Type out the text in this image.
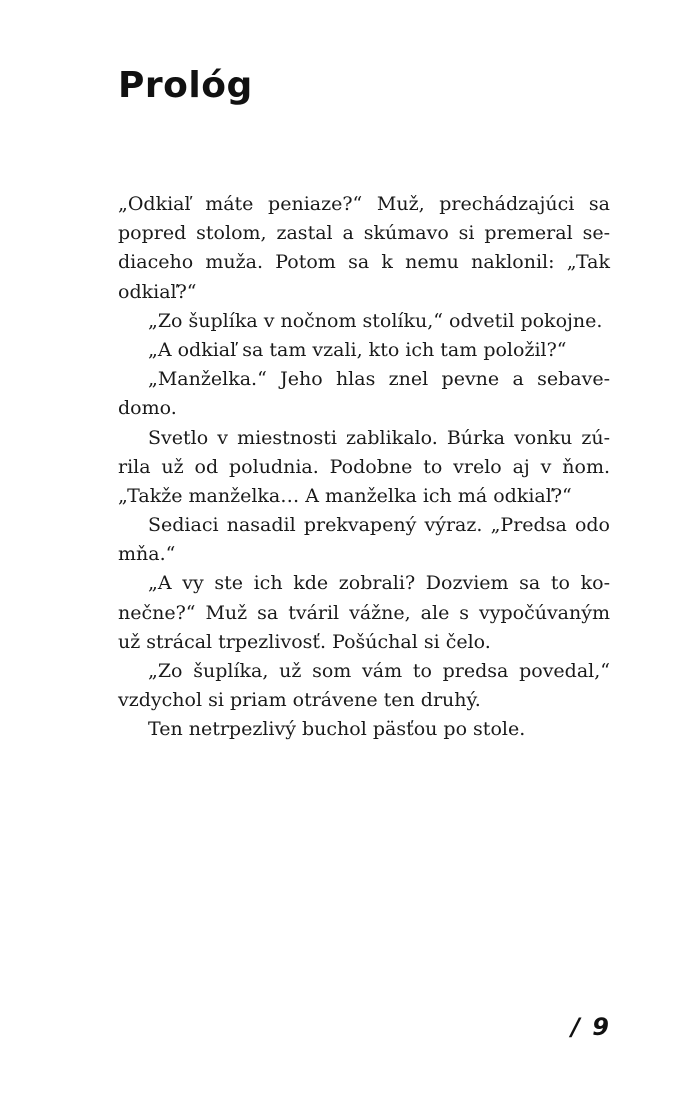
Prológ
„Odkiaľ máte peniaze?“ Muž, prechádzajúci sa
popred stolom, zastal a skúmavo si premeral se-
diaceho muža. Potom sa k nemu naklonil: „Tak
odkiaľ?“
„Zo šuplíka v nočnom stolíku,“ odvetil pokojne.
„A odkiaľ sa tam vzali, kto ich tam položil?“
„Manželka.“ Jeho hlas znel pevne a sebave-
domo.
Svetlo v miestnosti zablikalo. Búrka vonku zú-
rila už od poludnia. Podobne to vrelo aj v ňom.
„Takže manželka… A manželka ich má odkiaľ?“
Sediaci nasadil prekvapený výraz. „Predsa odo
mňa.“
„A vy ste ich kde zobrali? Dozviem sa to ko-
nečne?“ Muž sa tváril vážne, ale s vypočúvaným
už strácal trpezlivosť. Pošúchal si čelo.
„Zo šuplíka, už som vám to predsa povedal,“
vzdychol si priam otrávene ten druhý.
Ten netrpezlivý buchol päsťou po stole.
/ 9
